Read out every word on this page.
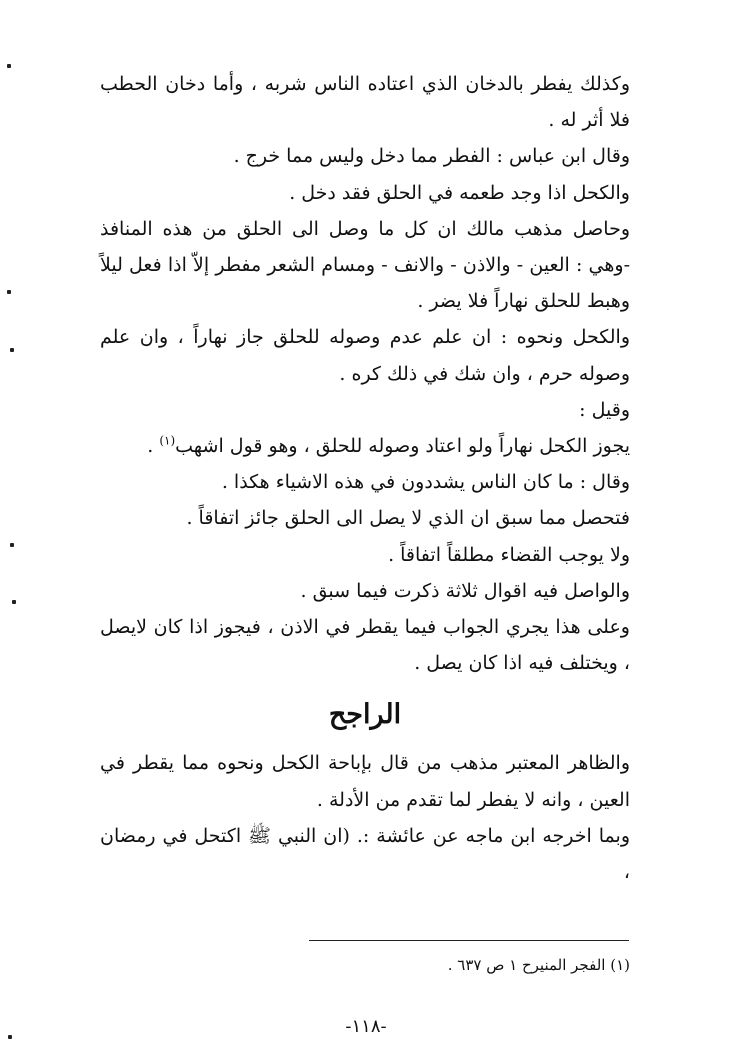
وكذلك يفطر بالدخان الذي اعتاده الناس شربه ، وأما دخان الحطب فلا أثر له .

وقال ابن عباس : الفطر مما دخل وليس مما خرج .

والكحل اذا وجد طعمه في الحلق فقد دخل .

وحاصل مذهب مالك ان كل ما وصل الى الحلق من هذه المنافذ -وهي : العين - والاذن - والانف - ومسام الشعر مفطر إلاّ اذا فعل ليلاً وهبط للحلق نهاراً فلا يضر .

والكحل ونحوه : ان علم عدم وصوله للحلق جاز نهاراً ، وان علم وصوله حرم ، وان شك في ذلك كره .

وقيل :

يجوز الكحل نهاراً ولو اعتاد وصوله للحلق ، وهو قول اشهب$^{(١)}$ .

وقال : ما كان الناس يشددون في هذه الاشياء هكذا .

فتحصل مما سبق ان الذي لا يصل الى الحلق جائز اتفاقاً .

ولا يوجب القضاء مطلقاً اتفاقاً .

والواصل فيه اقوال ثلاثة ذكرت فيما سبق .

وعلى هذا يجري الجواب فيما يقطر في الاذن ، فيجوز اذا كان لايصل ، ويختلف فيه اذا كان يصل .

الراجح

والظاهر المعتبر مذهب من قال بإباحة الكحل ونحوه مما يقطر في العين ، وانه لا يفطر لما تقدم من الأدلة .

وبما اخرجه ابن ماجه عن عائشة :. (ان النبي ﷺ اكتحل في رمضان ،

(١) الفجر المنيرح ١ ص ٦٣٧ .
-١١٨-
